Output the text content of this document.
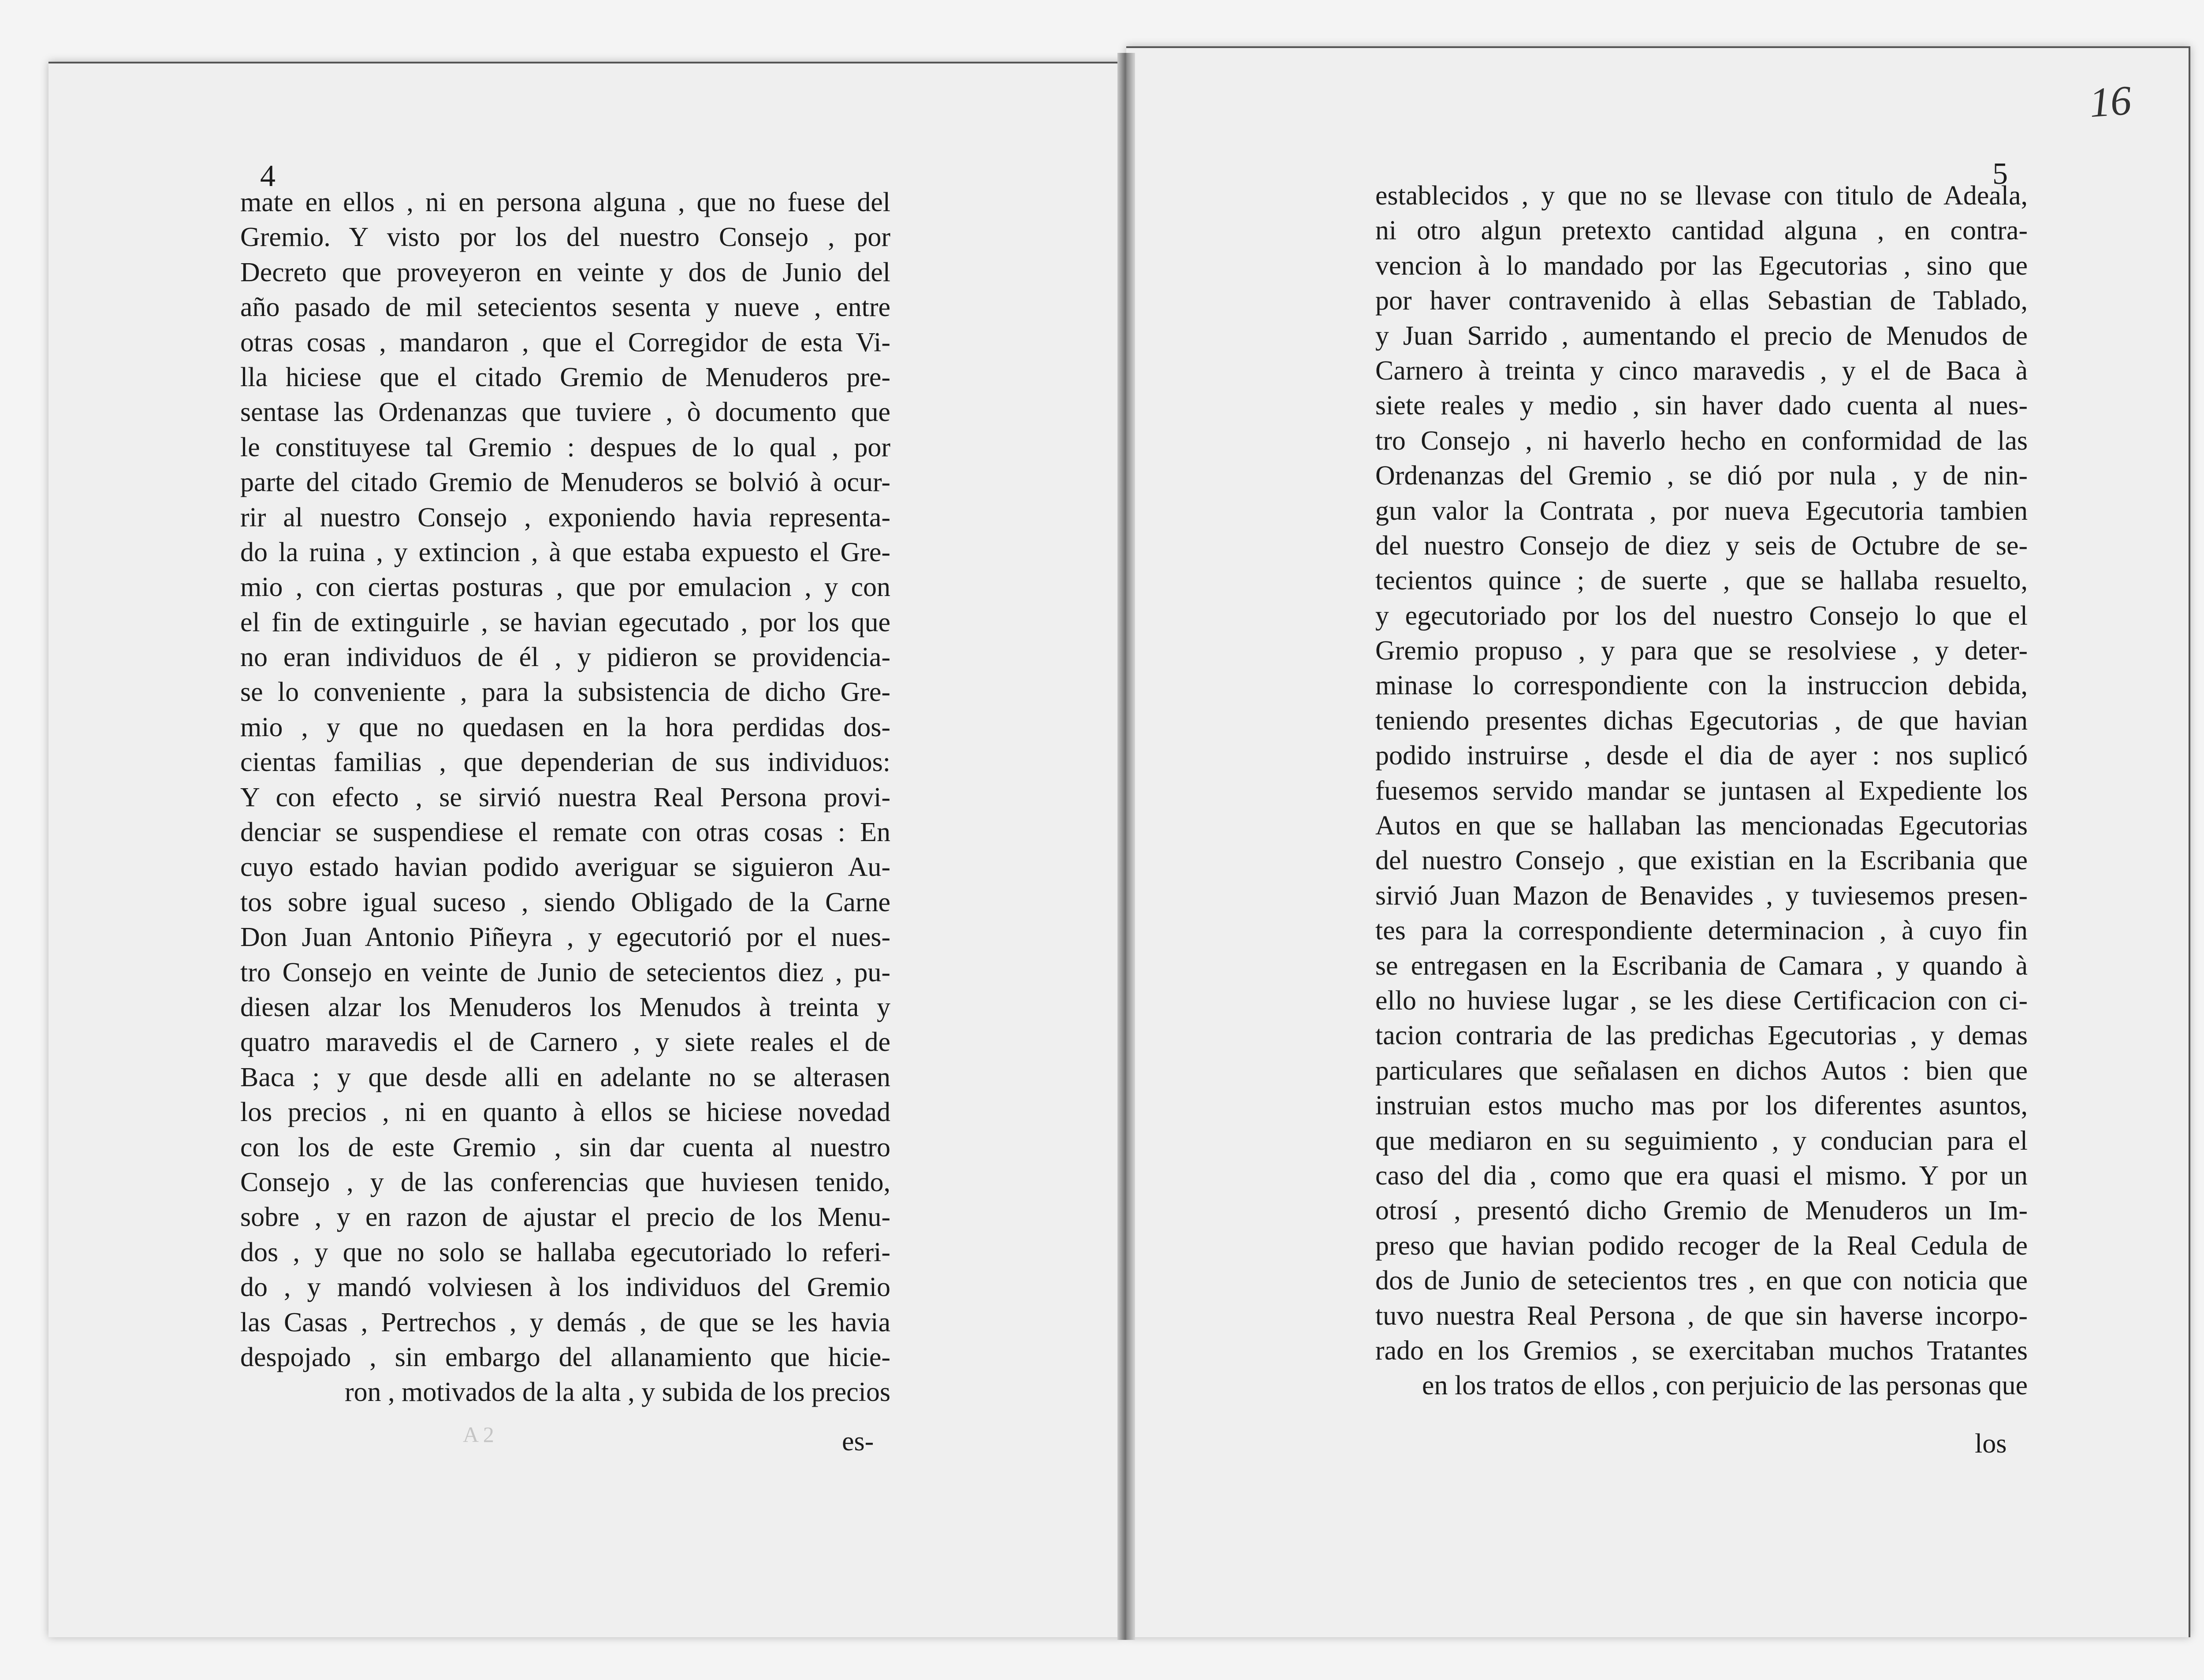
4	5
16
mate en ellos , ni en persona alguna , que no fuese del
Gremio. Y visto por los del nuestro Consejo , por
Decreto que proveyeron en veinte y dos de Junio del
año pasado de mil setecientos sesenta y nueve , entre
otras cosas , mandaron , que el Corregidor de esta Vi-
lla hiciese que el citado Gremio de Menuderos pre-
sentase las Ordenanzas que tuviere , ò documento que
le constituyese tal Gremio : despues de lo qual , por
parte del citado Gremio de Menuderos se bolvió à ocur-
rir al nuestro Consejo , exponiendo havia representa-
do la ruina , y extincion , à que estaba expuesto el Gre-
mio , con ciertas posturas , que por emulacion , y con
el fin de extinguirle , se havian egecutado , por los que
no eran individuos de él , y pidieron se providencia-
se lo conveniente , para la subsistencia de dicho Gre-
mio , y que no quedasen en la hora perdidas dos-
cientas familias , que dependerian de sus individuos:
Y con efecto , se sirvió nuestra Real Persona provi-
denciar se suspendiese el remate con otras cosas : En
cuyo estado havian podido averiguar se siguieron Au-
tos sobre igual suceso , siendo Obligado de la Carne
Don Juan Antonio Piñeyra , y egecutorió por el nues-
tro Consejo en veinte de Junio de setecientos diez , pu-
diesen alzar los Menuderos los Menudos à treinta y
quatro maravedis el de Carnero , y siete reales el de
Baca ; y que desde alli en adelante no se alterasen
los precios , ni en quanto à ellos se hiciese novedad
con los de este Gremio , sin dar cuenta al nuestro
Consejo , y de las conferencias que huviesen tenido,
sobre , y en razon de ajustar el precio de los Menu-
dos , y que no solo se hallaba egecutoriado lo referi-
do , y mandó volviesen à los individuos del Gremio
las Casas , Pertrechos , y demás , de que se les havia
despojado , sin embargo del allanamiento que hicie-
ron , motivados de la alta , y subida de los precios
establecidos , y que no se llevase con titulo de Adeala,
ni otro algun pretexto cantidad alguna , en contra-
vencion à lo mandado por las Egecutorias , sino que
por haver contravenido à ellas Sebastian de Tablado,
y Juan Sarrido , aumentando el precio de Menudos de
Carnero à treinta y cinco maravedis , y el de Baca à
siete reales y medio , sin haver dado cuenta al nues-
tro Consejo , ni haverlo hecho en conformidad de las
Ordenanzas del Gremio , se dió por nula , y de nin-
gun valor la Contrata , por nueva Egecutoria tambien
del nuestro Consejo de diez y seis de Octubre de se-
tecientos quince ; de suerte , que se hallaba resuelto,
y egecutoriado por los del nuestro Consejo lo que el
Gremio propuso , y para que se resolviese , y deter-
minase lo correspondiente con la instruccion debida,
teniendo presentes dichas Egecutorias , de que havian
podido instruirse , desde el dia de ayer : nos suplicó
fuesemos servido mandar se juntasen al Expediente los
Autos en que se hallaban las mencionadas Egecutorias
del nuestro Consejo , que existian en la Escribania que
sirvió Juan Mazon de Benavides , y tuviesemos presen-
tes para la correspondiente determinacion , à cuyo fin
se entregasen en la Escribania de Camara , y quando à
ello no huviese lugar , se les diese Certificacion con ci-
tacion contraria de las predichas Egecutorias , y demas
particulares que señalasen en dichos Autos : bien que
instruian estos mucho mas por los diferentes asuntos,
que mediaron en su seguimiento , y conducian para el
caso del dia , como que era quasi el mismo. Y por un
otrosí , presentó dicho Gremio de Menuderos un Im-
preso que havian podido recoger de la Real Cedula de
dos de Junio de setecientos tres , en que con noticia que
tuvo nuestra Real Persona , de que sin haverse incorpo-
rado en los Gremios , se exercitaban muchos Tratantes
en los tratos de ellos , con perjuicio de las personas que
es-	los
A 2
